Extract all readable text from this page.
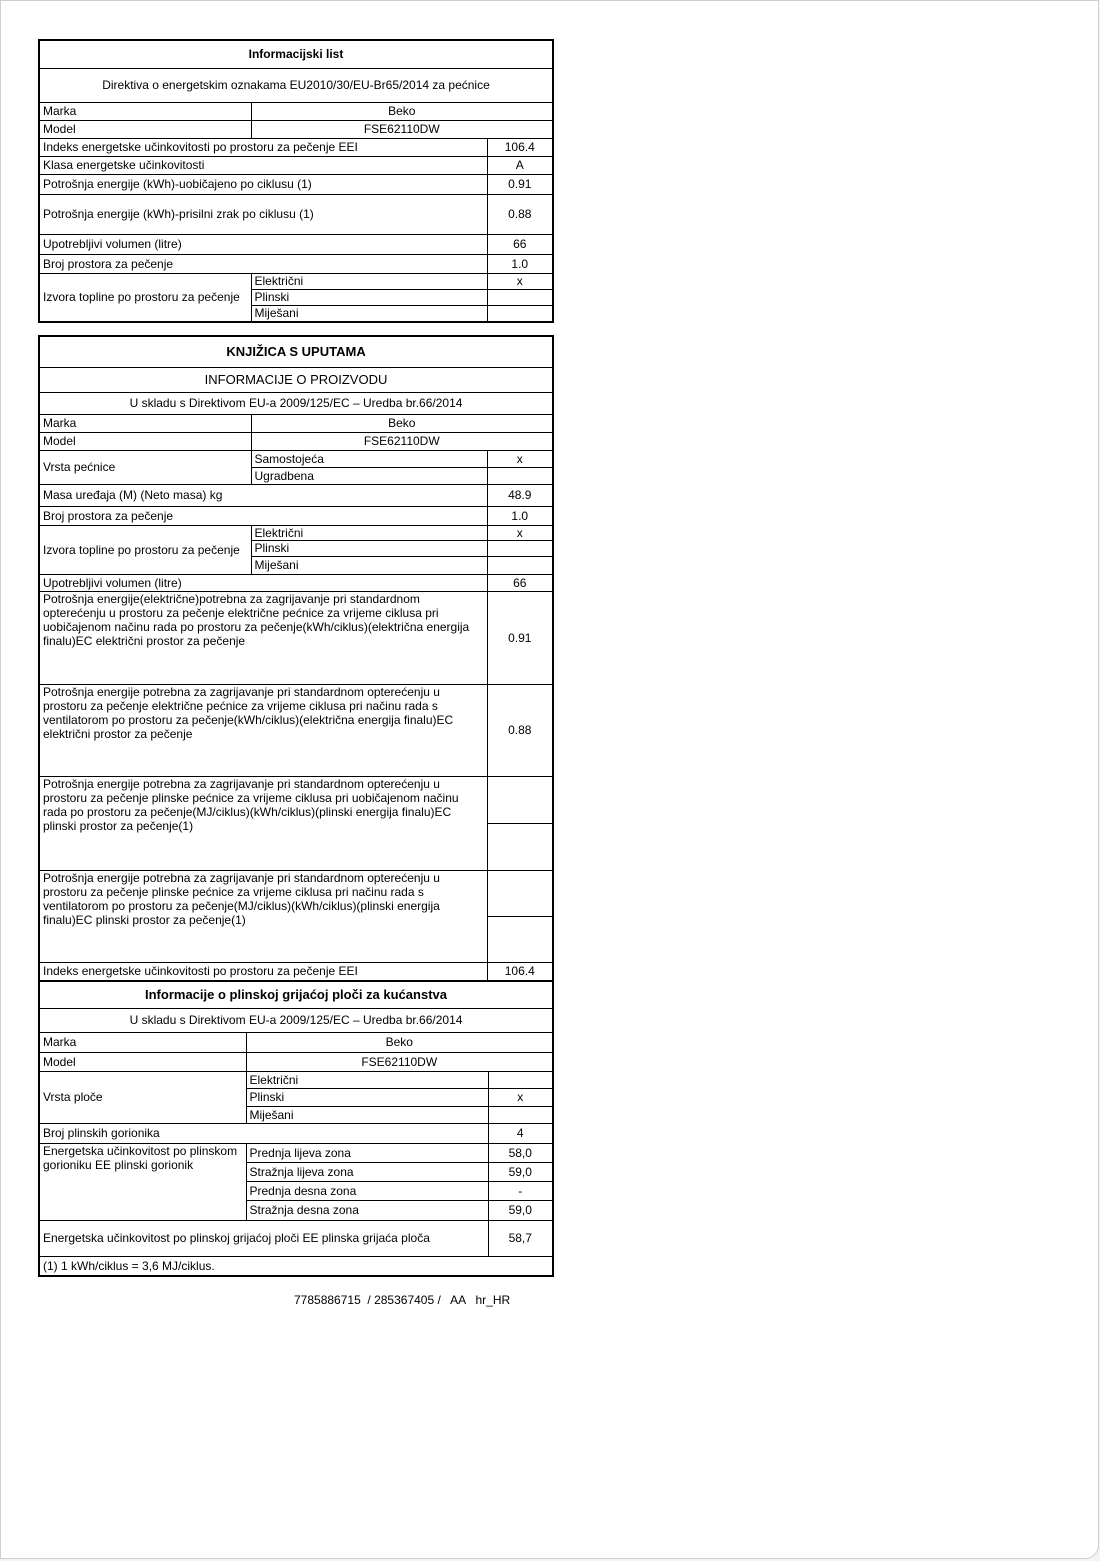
Informacijski list		
Direktiva o energetskim oznakama EU2010/30/EU-Br65/2014 za pećnice		
Marka	Beko	
Model	FSE62110DW	
Indeks energetske učinkovitosti po prostoru za pečenje EEI		106.4
Klasa energetske učinkovitosti		A
Potrošnja energije (kWh)-uobičajeno po ciklusu (1)		0.91
Potrošnja energije (kWh)-prisilni zrak po ciklusu (1)		0.88
Upotrebljivi volumen (litre)		66
Broj prostora za pečenje		1.0
Izvora topline po prostoru za pečenje	Električni	x
	Plinski	
	Miješani	
KNJIŽICA S UPUTAMA		
INFORMACIJE O PROIZVODU		
U skladu s Direktivom EU-a 2009/125/EC – Uredba br.66/2014		
Marka	Beko	
Model	FSE62110DW	
Vrsta pećnice	Samostojeća	x
	Ugradbena	
Masa uređaja (M) (Neto masa) kg		48.9
Broj prostora za pečenje		1.0
Izvora topline po prostoru za pečenje	Električni	x
	Plinski	
	Miješani	
Upotrebljivi volumen (litre)		66
Potrošnja energije(električne)potrebna za zagrijavanje pri standardnom opterećenju u prostoru za pečenje električne pećnice za vrijeme ciklusa pri uobičajenom načinu rada po prostoru za pečenje(kWh/ciklus)(električna energija finalu)EC električni prostor za pečenje		0.91
Potrošnja energije potrebna za zagrijavanje pri standardnom opterećenju u prostoru za pečenje električne pećnice za vrijeme ciklusa pri načinu rada s ventilatorom po prostoru za pečenje(kWh/ciklus)(električna energija finalu)EC električni prostor za pečenje		0.88
Potrošnja energije potrebna za zagrijavanje pri standardnom opterećenju u prostoru za pečenje plinske pećnice za vrijeme ciklusa pri uobičajenom načinu rada po prostoru za pečenje(MJ/ciklus)(kWh/ciklus)(plinski energija finalu)EC plinski prostor za pečenje(1)		

Potrošnja energije potrebna za zagrijavanje pri standardnom opterećenju u prostoru za pečenje plinske pećnice za vrijeme ciklusa pri načinu rada s ventilatorom po prostoru za pečenje(MJ/ciklus)(kWh/ciklus)(plinski energija finalu)EC plinski prostor za pečenje(1)		

Indeks energetske učinkovitosti po prostoru za pečenje EEI		106.4
Informacije o plinskoj grijaćoj ploči za kućanstva		
U skladu s Direktivom EU-a 2009/125/EC – Uredba br.66/2014		
Marka	Beko	
Model	FSE62110DW	
Vrsta ploče	Električni	
	Plinski	x
	Miješani	
Broj plinskih gorionika		4
Energetska učinkovitost po plinskom gorioniku EE plinski gorionik	Prednja lijeva zona	58,0
	Stražnja lijeva zona	59,0
	Prednja desna zona	-
	Stražnja desna zona	59,0
Energetska učinkovitost po plinskoj grijaćoj ploči EE plinska grijaća ploča		58,7
(1) 1 kWh/ciklus = 3,6 MJ/ciklus.		
7785886715  / 285367405 /   AA   hr_HR
